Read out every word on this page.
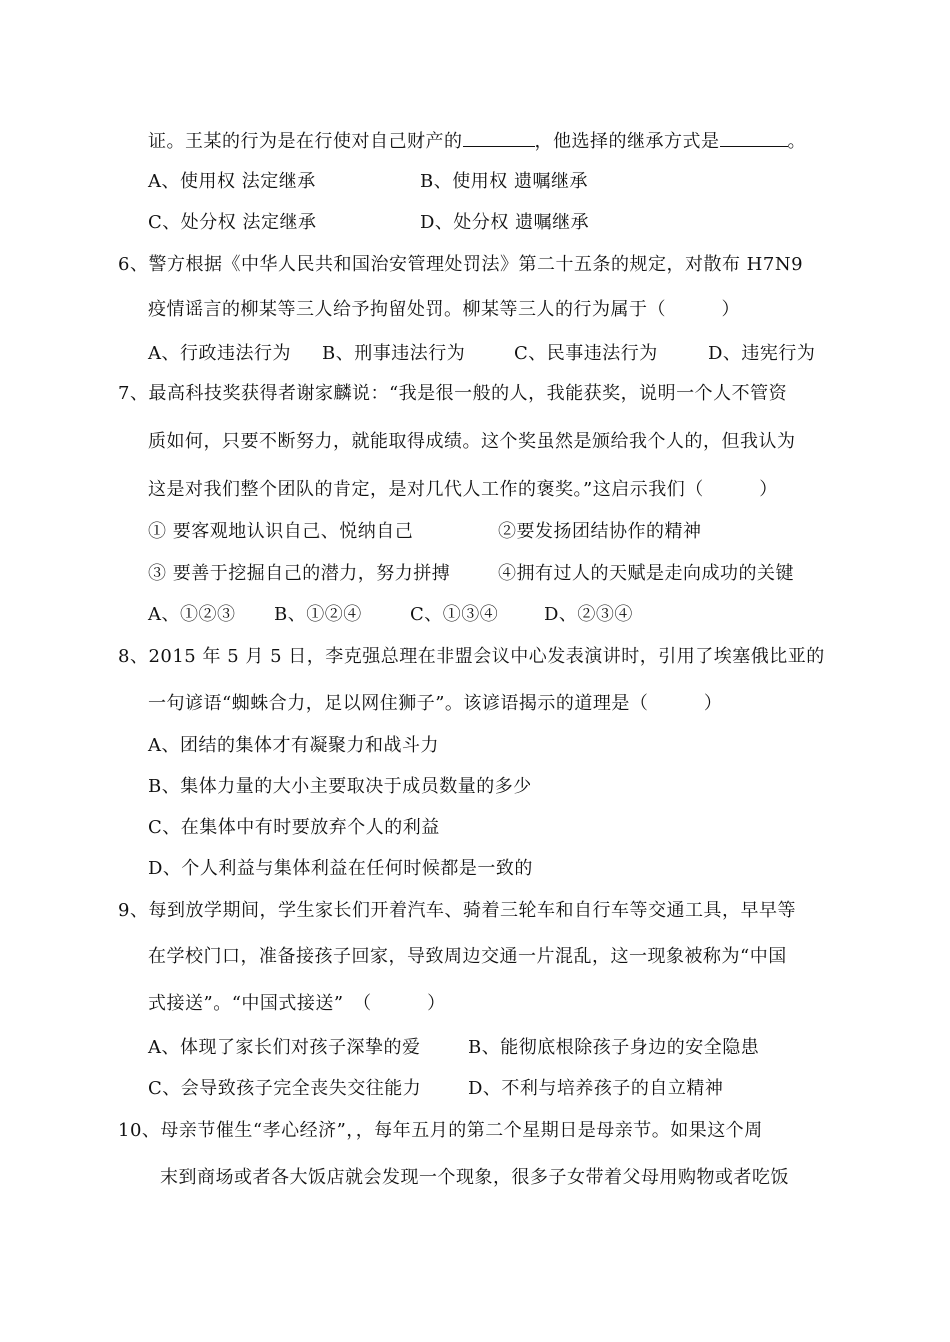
证。王某的行为是在行使对自己财产的	，他选择的继承方式是	。
A、使用权 法定继承	B、使用权 遗嘱继承
C、处分权 法定继承	D、处分权 遗嘱继承
6、警方根据《中华人民共和国治安管理处罚法》第二十五条的规定，对散布 H7N9
疫情谣言的柳某等三人给予拘留处罚。柳某等三人的行为属于（　　　）
A、行政违法行为 B、刑事违法行为	C、民事违法行为	D、违宪行为
7、最高科技奖获得者谢家麟说：“我是很一般的人，我能获奖，说明一个人不管资
质如何，只要不断努力，就能取得成绩。这个奖虽然是颁给我个人的，但我认为
这是对我们整个团队的肯定，是对几代人工作的褒奖。”这启示我们（　　　）
① 要客观地认识自己、悦纳自己	②要发扬团结协作的精神
③ 要善于挖掘自己的潜力，努力拼搏	④拥有过人的天赋是走向成功的关键
A、①②③ B、①②④	C、①③④	D、②③④
8、2015 年 5 月 5 日，李克强总理在非盟会议中心发表演讲时，引用了埃塞俄比亚的
一句谚语“蜘蛛合力，足以网住狮子”。该谚语揭示的道理是（　　　）
A、团结的集体才有凝聚力和战斗力
B、集体力量的大小主要取决于成员数量的多少
C、在集体中有时要放弃个人的利益
D、个人利益与集体利益在任何时候都是一致的
9、每到放学期间，学生家长们开着汽车、骑着三轮车和自行车等交通工具，早早等
在学校门口，准备接孩子回家，导致周边交通一片混乱，这一现象被称为“中国
式接送”。“中国式接送”　（　　　）
A、体现了家长们对孩子深挚的爱	B、能彻底根除孩子身边的安全隐患
C、会导致孩子完全丧失交往能力	D、不利与培养孩子的自立精神
10、母亲节催生“孝心经济”，，每年五月的第二个星期日是母亲节。如果这个周
末到商场或者各大饭店就会发现一个现象，很多子女带着父母用购物或者吃饭
